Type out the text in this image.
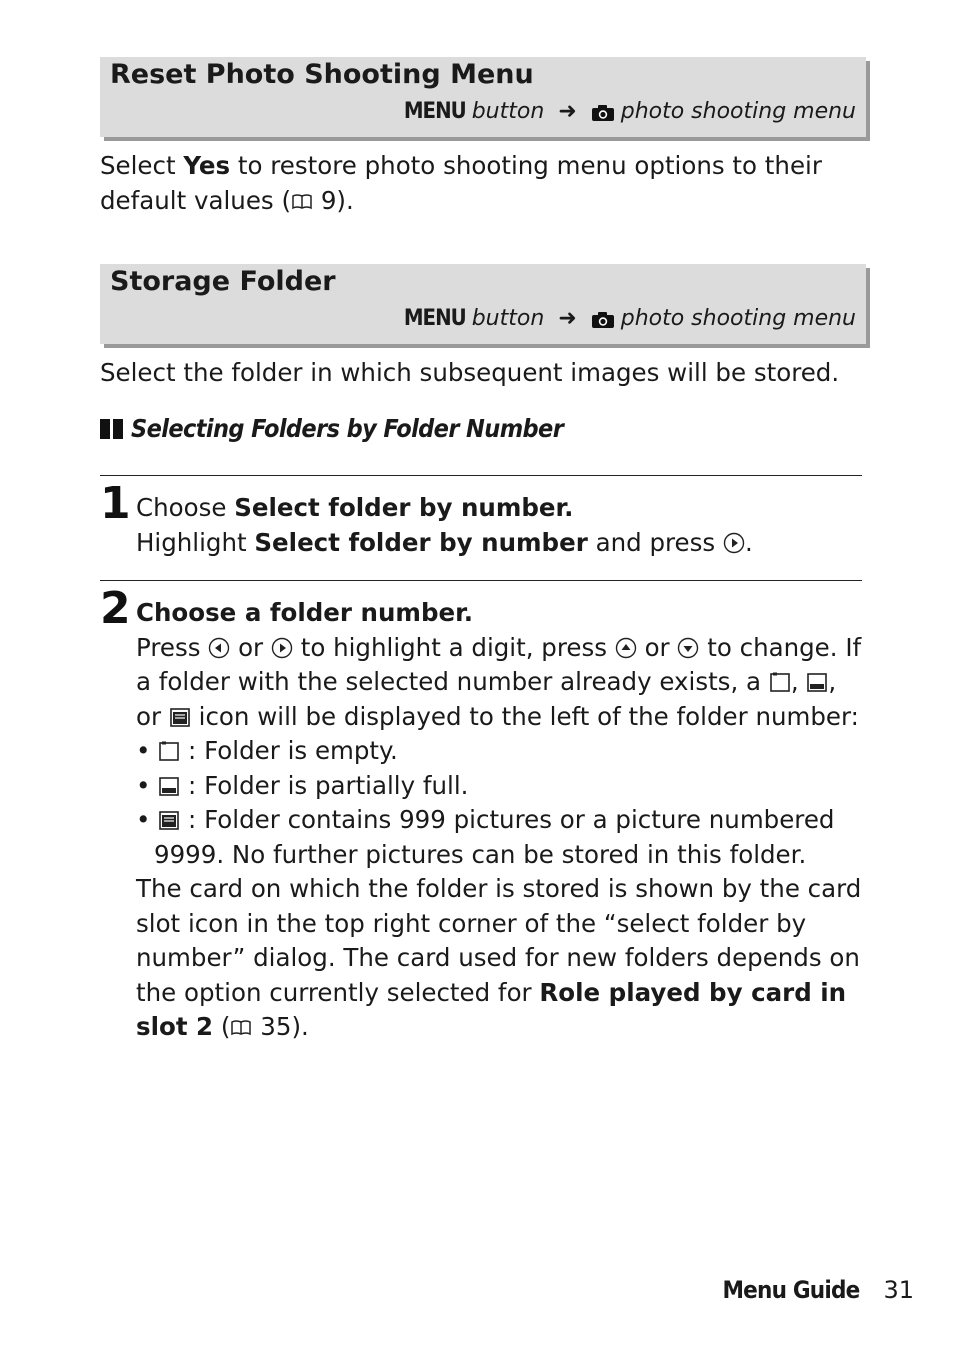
Reset Photo Shooting Menu
MENU button ➜ photo shooting menu
Select Yes to restore photo shooting menu options to their default values ( 9).
Storage Folder
MENU button ➜ photo shooting menu
Select the folder in which subsequent images will be stored.
Selecting Folders by Folder Number
1 Choose Select folder by number.
Highlight Select folder by number and press .
2 Choose a folder number.
Press  or  to highlight a digit, press  or  to change. If a folder with the selected number already exists, a , , or  icon will be displayed to the left of the folder number:
•  : Folder is empty.
•  : Folder is partially full.
•  : Folder contains 999 pictures or a picture numbered
9999. No further pictures can be stored in this folder.
The card on which the folder is stored is shown by the card slot icon in the top right corner of the “select folder by number” dialog. The card used for new folders depends on the option currently selected for Role played by card in slot 2 ( 35).
Menu Guide 31
